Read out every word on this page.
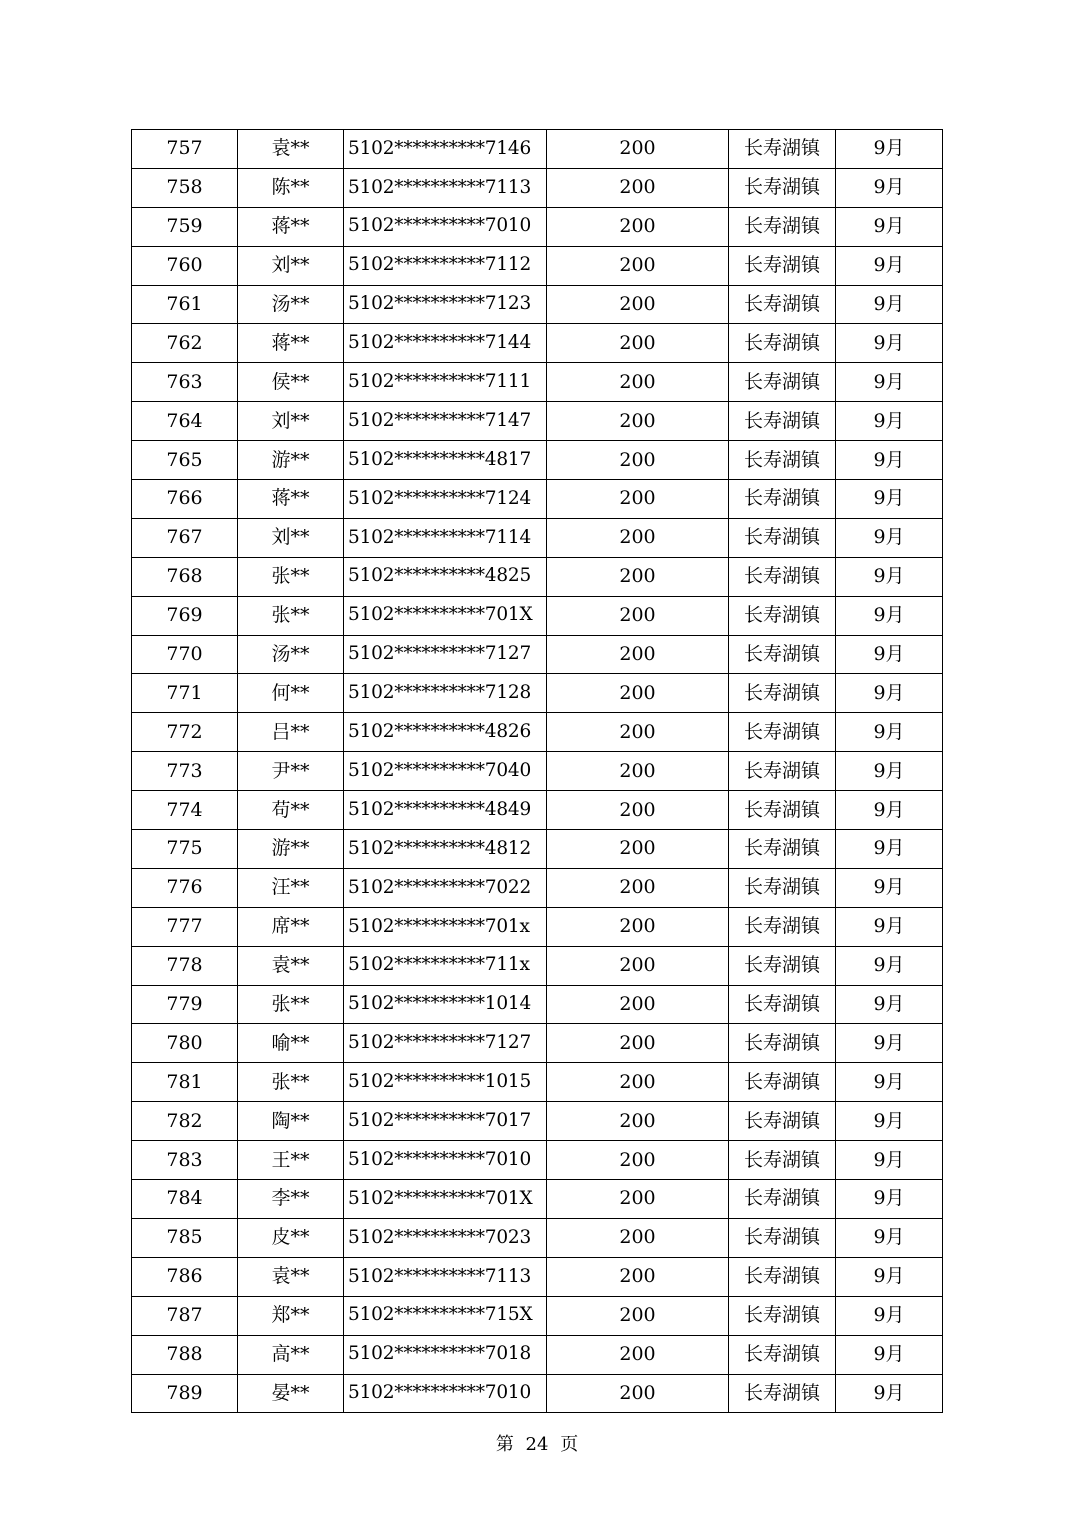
757	袁**	5102**********7146	200	长寿湖镇	9月
758	陈**	5102**********7113	200	长寿湖镇	9月
759	蒋**	5102**********7010	200	长寿湖镇	9月
760	刘**	5102**********7112	200	长寿湖镇	9月
761	汤**	5102**********7123	200	长寿湖镇	9月
762	蒋**	5102**********7144	200	长寿湖镇	9月
763	侯**	5102**********7111	200	长寿湖镇	9月
764	刘**	5102**********7147	200	长寿湖镇	9月
765	游**	5102**********4817	200	长寿湖镇	9月
766	蒋**	5102**********7124	200	长寿湖镇	9月
767	刘**	5102**********7114	200	长寿湖镇	9月
768	张**	5102**********4825	200	长寿湖镇	9月
769	张**	5102**********701X	200	长寿湖镇	9月
770	汤**	5102**********7127	200	长寿湖镇	9月
771	何**	5102**********7128	200	长寿湖镇	9月
772	吕**	5102**********4826	200	长寿湖镇	9月
773	尹**	5102**********7040	200	长寿湖镇	9月
774	苟**	5102**********4849	200	长寿湖镇	9月
775	游**	5102**********4812	200	长寿湖镇	9月
776	汪**	5102**********7022	200	长寿湖镇	9月
777	席**	5102**********701x	200	长寿湖镇	9月
778	袁**	5102**********711x	200	长寿湖镇	9月
779	张**	5102**********1014	200	长寿湖镇	9月
780	喻**	5102**********7127	200	长寿湖镇	9月
781	张**	5102**********1015	200	长寿湖镇	9月
782	陶**	5102**********7017	200	长寿湖镇	9月
783	王**	5102**********7010	200	长寿湖镇	9月
784	李**	5102**********701X	200	长寿湖镇	9月
785	皮**	5102**********7023	200	长寿湖镇	9月
786	袁**	5102**********7113	200	长寿湖镇	9月
787	郑**	5102**********715X	200	长寿湖镇	9月
788	高**	5102**********7018	200	长寿湖镇	9月
789	晏**	5102**********7010	200	长寿湖镇	9月
第 24 页
